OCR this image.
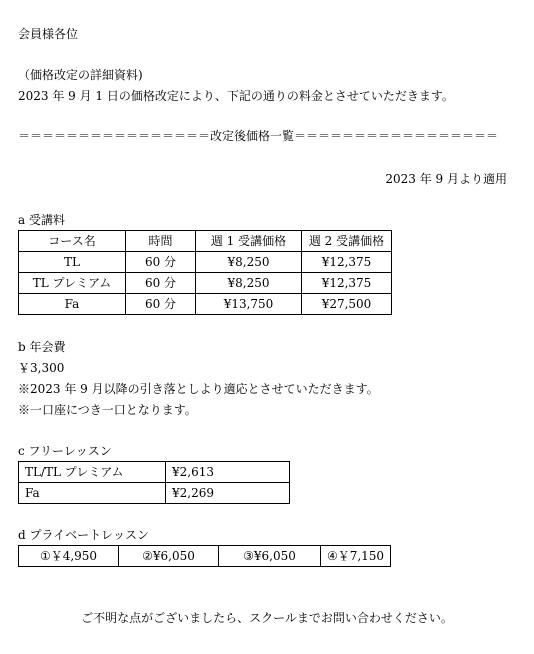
会員様各位
（価格改定の詳細資料)
2023 年 9 月 1 日の価格改定により、下記の通りの料金とさせていただきます。
＝＝＝＝＝＝＝＝＝＝＝＝＝＝＝＝改定後価格一覧＝＝＝＝＝＝＝＝＝＝＝＝＝＝＝＝＝
2023 年 9 月より適用
a 受講料
コース名	時間	週 1 受講価格	週 2 受講価格
TL	60 分	¥8,250	¥12,375
TL プレミアム	60 分	¥8,250	¥12,375
Fa	60 分	¥13,750	¥27,500
b 年会費
￥3,300
※2023 年 9 月以降の引き落としより適応とさせていただきます。
※一口座につき一口となります。
c フリーレッスン
TL/TL プレミアム	¥2,613
Fa	¥2,269
d プライベートレッスン
①￥4,950	②¥6,050	③¥6,050	④￥7,150
ご不明な点がございましたら、スクールまでお問い合わせください。
